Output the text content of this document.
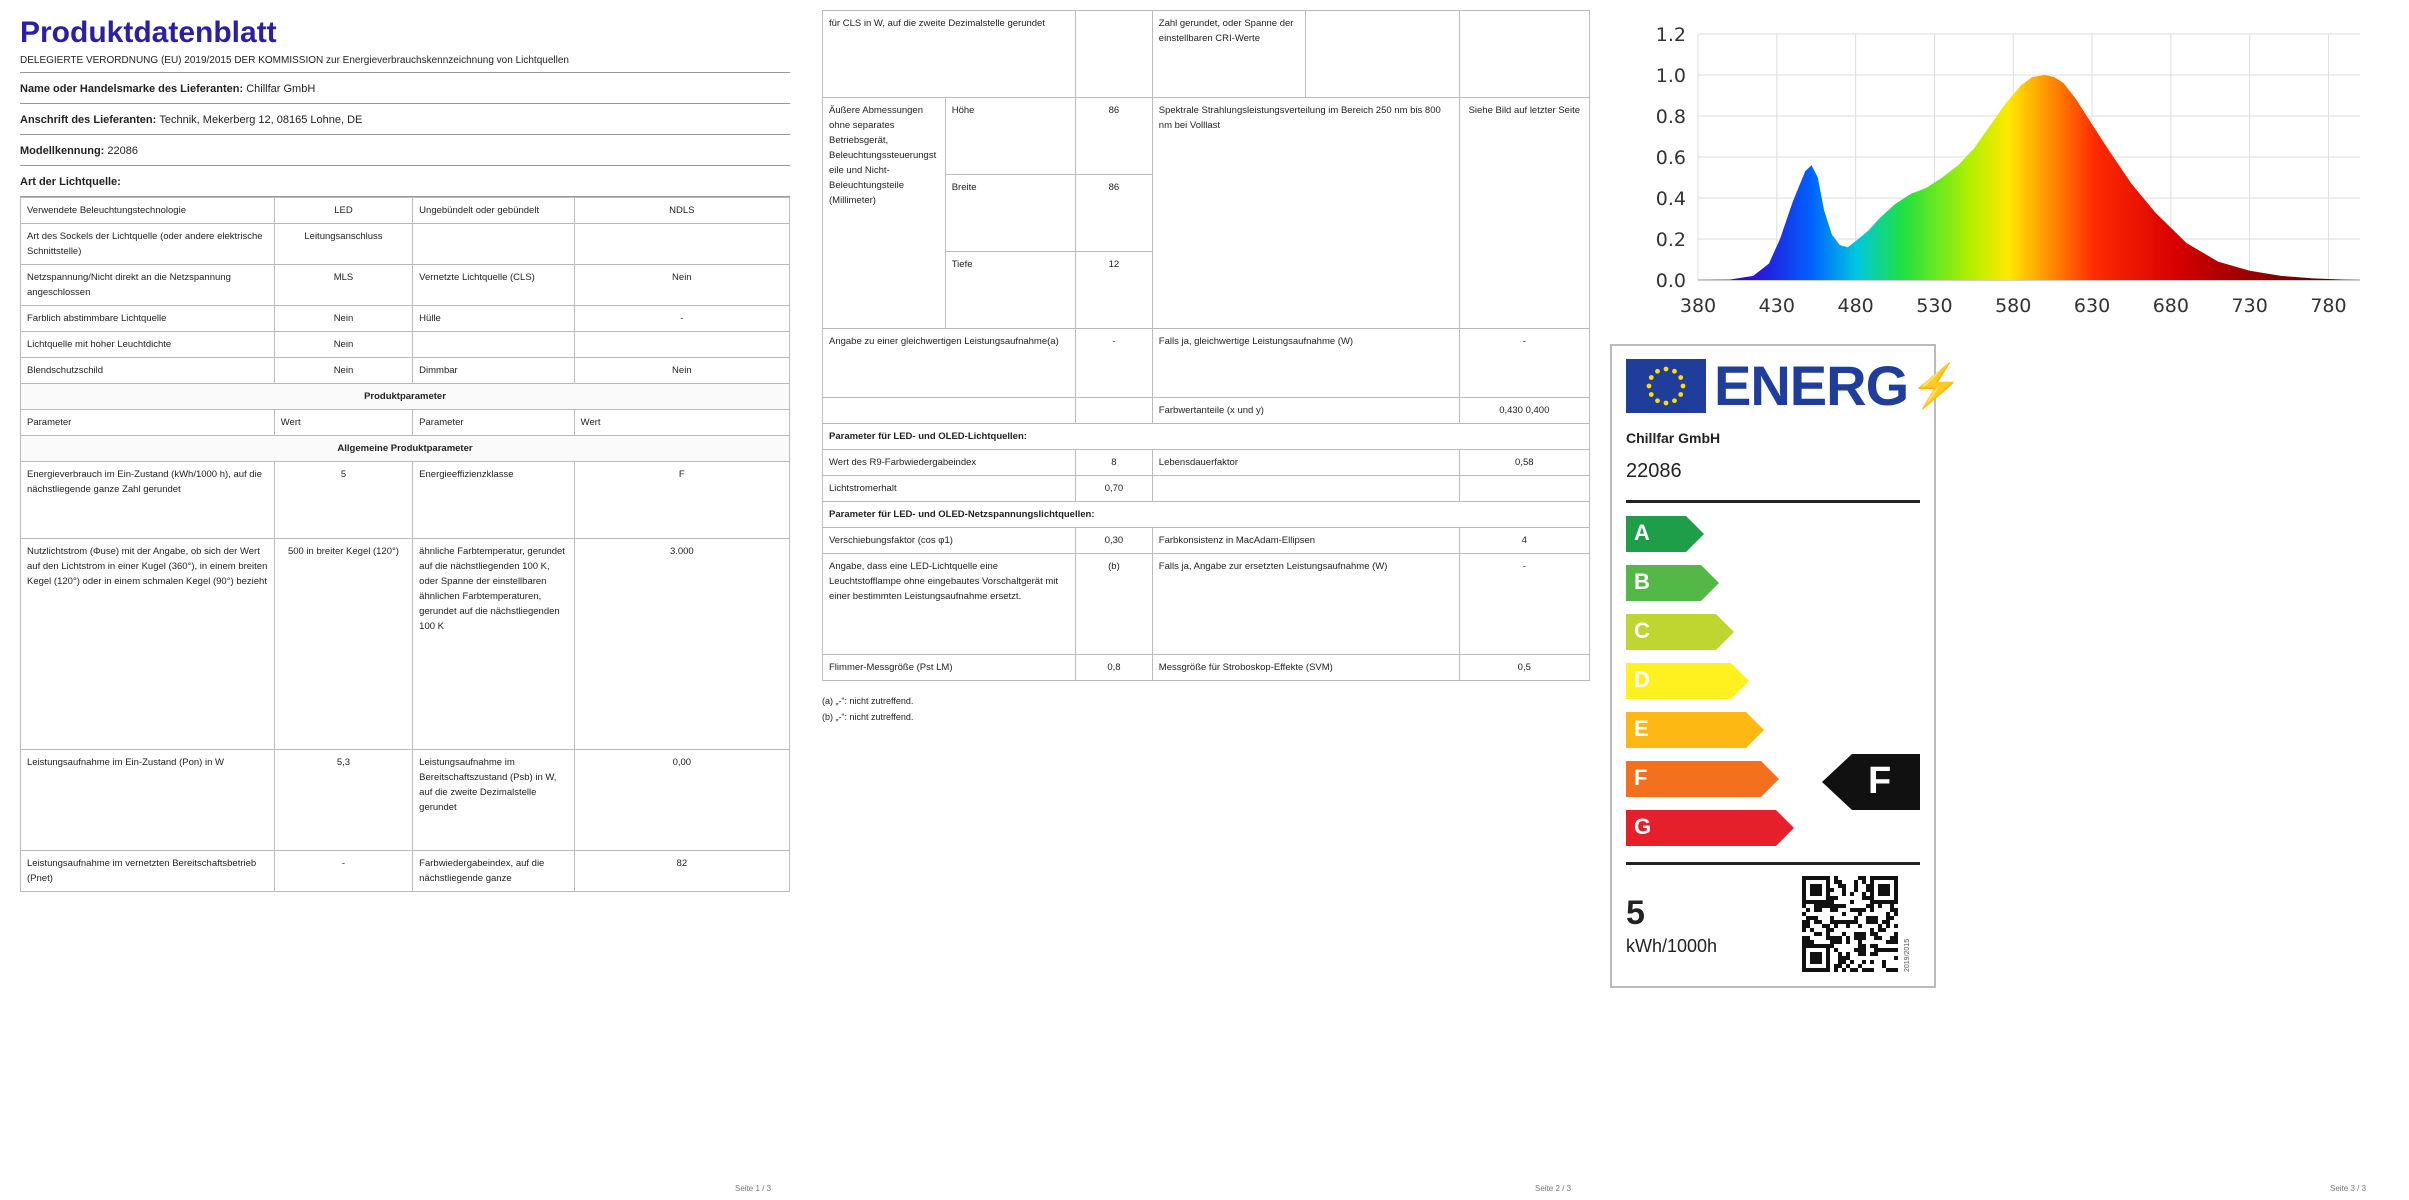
Produktdatenblatt
DELEGIERTE VERORDNUNG (EU) 2019/2015 DER KOMMISSION zur Energieverbrauchskennzeichnung von Lichtquellen
Name oder Handelsmarke des Lieferanten: Chillfar GmbH
Anschrift des Lieferanten: Technik, Mekerberg 12, 08165 Lohne, DE
Modellkennung: 22086
Art der Lichtquelle:
Verwendete Beleuchtungstechnologie	LED	Ungebündelt oder gebündelt	NDLS
Art des Sockels der Lichtquelle (oder andere elektrische Schnittstelle)	Leitungsanschluss		
Netzspannung/Nicht direkt an die Netzspannung angeschlossen	MLS	Vernetzte Lichtquelle (CLS)	Nein
Farblich abstimmbare Lichtquelle	Nein	Hülle	-
Lichtquelle mit hoher Leuchtdichte	Nein		
Blendschutzschild	Nein	Dimmbar	Nein
Produktparameter			
Parameter	Wert	Parameter	Wert
Allgemeine Produktparameter			
Energieverbrauch im Ein-Zustand (kWh/1000 h), auf die nächstliegende ganze Zahl gerundet	5	Energieeffizienzklasse	F
Nutzlichtstrom (Φuse) mit der Angabe, ob sich der Wert auf den Lichtstrom in einer Kugel (360°), in einem breiten Kegel (120°) oder in einem schmalen Kegel (90°) bezieht	500 in breiter Kegel (120°)	ähnliche Farbtemperatur, gerundet auf die nächstliegenden 100 K, oder Spanne der einstellbaren ähnlichen Farbtemperaturen, gerundet auf die nächstliegenden 100 K	3.000
Leistungsaufnahme im Ein-Zustand (Pon) in W	5,3	Leistungsaufnahme im Bereitschaftszustand (Psb) in W, auf die zweite Dezimalstelle gerundet	0,00
Leistungsaufnahme im vernetzten Bereitschaftsbetrieb (Pnet)	-	Farbwiedergabeindex, auf die nächstliegende ganze	82
für CLS in W, auf die zweite Dezimalstelle gerundet			Zahl gerundet, oder Spanne der einstellbaren CRI-Werte		
Äußere Abmessungen ohne separates Betriebsgerät, Beleuchtungssteuerungsteile und Nicht-Beleuchtungsteile (Millimeter)	Höhe	86	Spektrale Strahlungsleistungsverteilung im Bereich 250 nm bis 800 nm bei Volllast		Siehe Bild auf letzter Seite
	Breite	86			
	Tiefe	12			
Angabe zu einer gleichwertigen Leistungsaufnahme(a)		-	Falls ja, gleichwertige Leistungsaufnahme (W)		-
			Farbwertanteile (x und y)		0,430 0,400
Parameter für LED- und OLED-Lichtquellen:					
Wert des R9-Farbwiedergabeindex		8	Lebensdauerfaktor		0,58
Lichtstromerhalt		0,70			
Parameter für LED- und OLED-Netzspannungslichtquellen:					
Verschiebungsfaktor (cos φ1)		0,30	Farbkonsistenz in MacAdam-Ellipsen		4
Angabe, dass eine LED-Lichtquelle eine Leuchtstofflampe ohne eingebautes Vorschaltgerät mit einer bestimmten Leistungsaufnahme ersetzt.		(b)	Falls ja, Angabe zur ersetzten Leistungsaufnahme (W)		-
Flimmer-Messgröße (Pst LM)		0,8	Messgröße für Stroboskop-Effekte (SVM)		0,5
(a) „-“: nicht zutreffend.
(b) „-“: nicht zutreffend.
Seite 1 / 3	Seite 2 / 3	Seite 3 / 3
0.0
0.2
0.4
0.6
0.8
1.0
1.2
380 430 480 530 580 630 680 730 780
ENERG ⚡
Chillfar GmbH
22086
A
B
C
D
E
F
G
F
5
kWh/1000h	2019/2015
